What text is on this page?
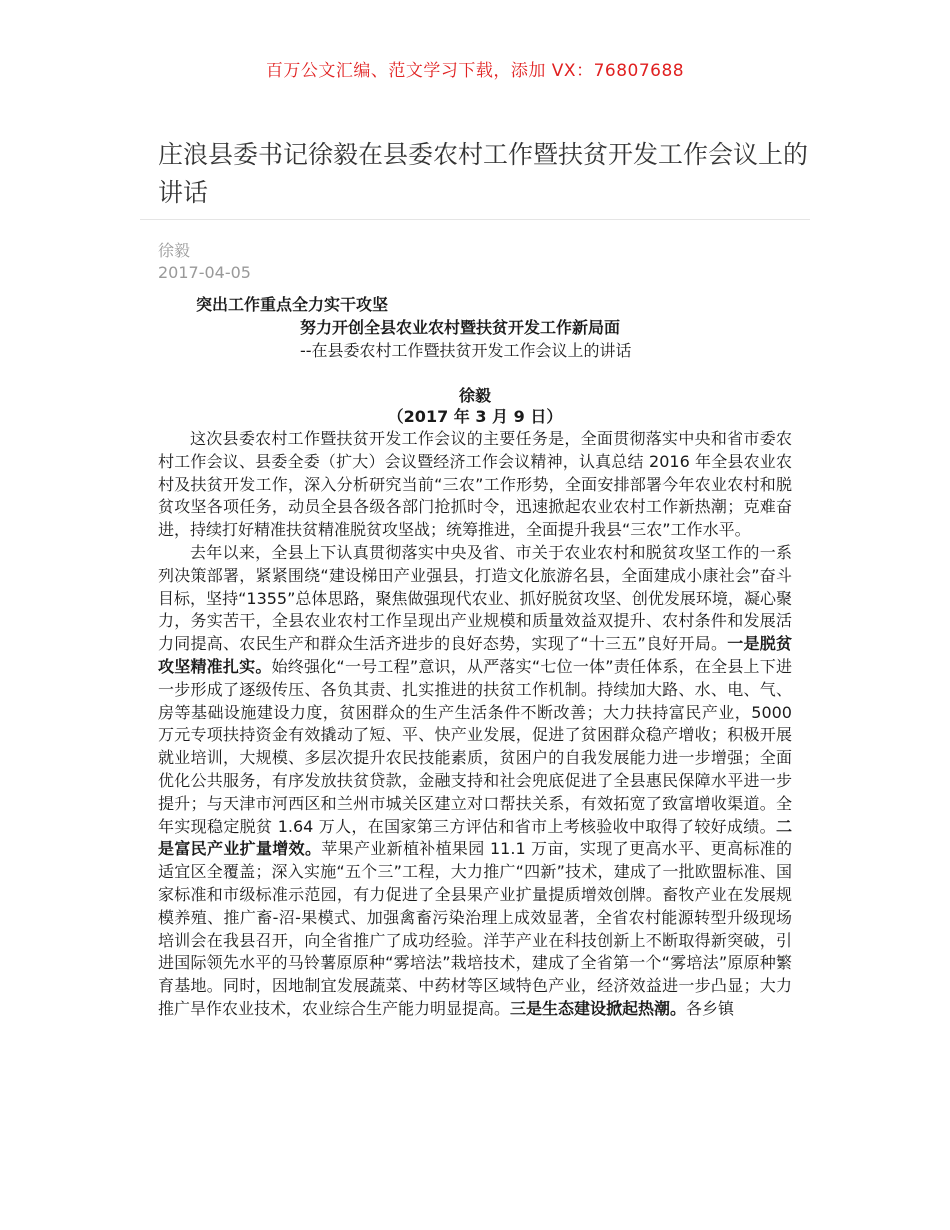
百万公文汇编、范文学习下载，添加 VX：76807688
庄浪县委书记徐毅在县委农村工作暨扶贫开发工作会议上的讲话
徐毅
2017-04-05
突出工作重点全力实干攻坚
努力开创全县农业农村暨扶贫开发工作新局面
--在县委农村工作暨扶贫开发工作会议上的讲话
徐毅
（2017 年 3 月 9 日）

这次县委农村工作暨扶贫开发工作会议的主要任务是，全面贯彻落实中央和省市委农村工作会议、县委全委（扩大）会议暨经济工作会议精神，认真总结 2016 年全县农业农村及扶贫开发工作，深入分析研究当前“三农”工作形势，全面安排部署今年农业农村和脱贫攻坚各项任务，动员全县各级各部门抢抓时令，迅速掀起农业农村工作新热潮；克难奋进，持续打好精准扶贫精准脱贫攻坚战；统筹推进，全面提升我县“三农”工作水平。

去年以来，全县上下认真贯彻落实中央及省、市关于农业农村和脱贫攻坚工作的一系列决策部署，紧紧围绕“建设梯田产业强县，打造文化旅游名县，全面建成小康社会”奋斗目标，坚持“1355”总体思路，聚焦做强现代农业、抓好脱贫攻坚、创优发展环境，凝心聚力，务实苦干，全县农业农村工作呈现出产业规模和质量效益双提升、农村条件和发展活力同提高、农民生产和群众生活齐进步的良好态势，实现了“十三五”良好开局。一是脱贫攻坚精准扎实。始终强化“一号工程”意识，从严落实“七位一体”责任体系，在全县上下进一步形成了逐级传压、各负其责、扎实推进的扶贫工作机制。持续加大路、水、电、气、房等基础设施建设力度，贫困群众的生产生活条件不断改善；大力扶持富民产业，5000 万元专项扶持资金有效撬动了短、平、快产业发展，促进了贫困群众稳产增收；积极开展就业培训，大规模、多层次提升农民技能素质，贫困户的自我发展能力进一步增强；全面优化公共服务，有序发放扶贫贷款，金融支持和社会兜底促进了全县惠民保障水平进一步提升；与天津市河西区和兰州市城关区建立对口帮扶关系，有效拓宽了致富增收渠道。全年实现稳定脱贫 1.64 万人，在国家第三方评估和省市上考核验收中取得了较好成绩。二是富民产业扩量增效。苹果产业新植补植果园 11.1 万亩，实现了更高水平、更高标准的适宜区全覆盖；深入实施“五个三”工程，大力推广“四新”技术，建成了一批欧盟标准、国家标准和市级标准示范园，有力促进了全县果产业扩量提质增效创牌。畜牧产业在发展规模养殖、推广畜-沼-果模式、加强禽畜污染治理上成效显著，全省农村能源转型升级现场培训会在我县召开，向全省推广了成功经验。洋芋产业在科技创新上不断取得新突破，引进国际领先水平的马铃薯原原种“雾培法”栽培技术，建成了全省第一个“雾培法”原原种繁育基地。同时，因地制宜发展蔬菜、中药材等区域特色产业，经济效益进一步凸显；大力推广旱作农业技术，农业综合生产能力明显提高。三是生态建设掀起热潮。各乡镇
